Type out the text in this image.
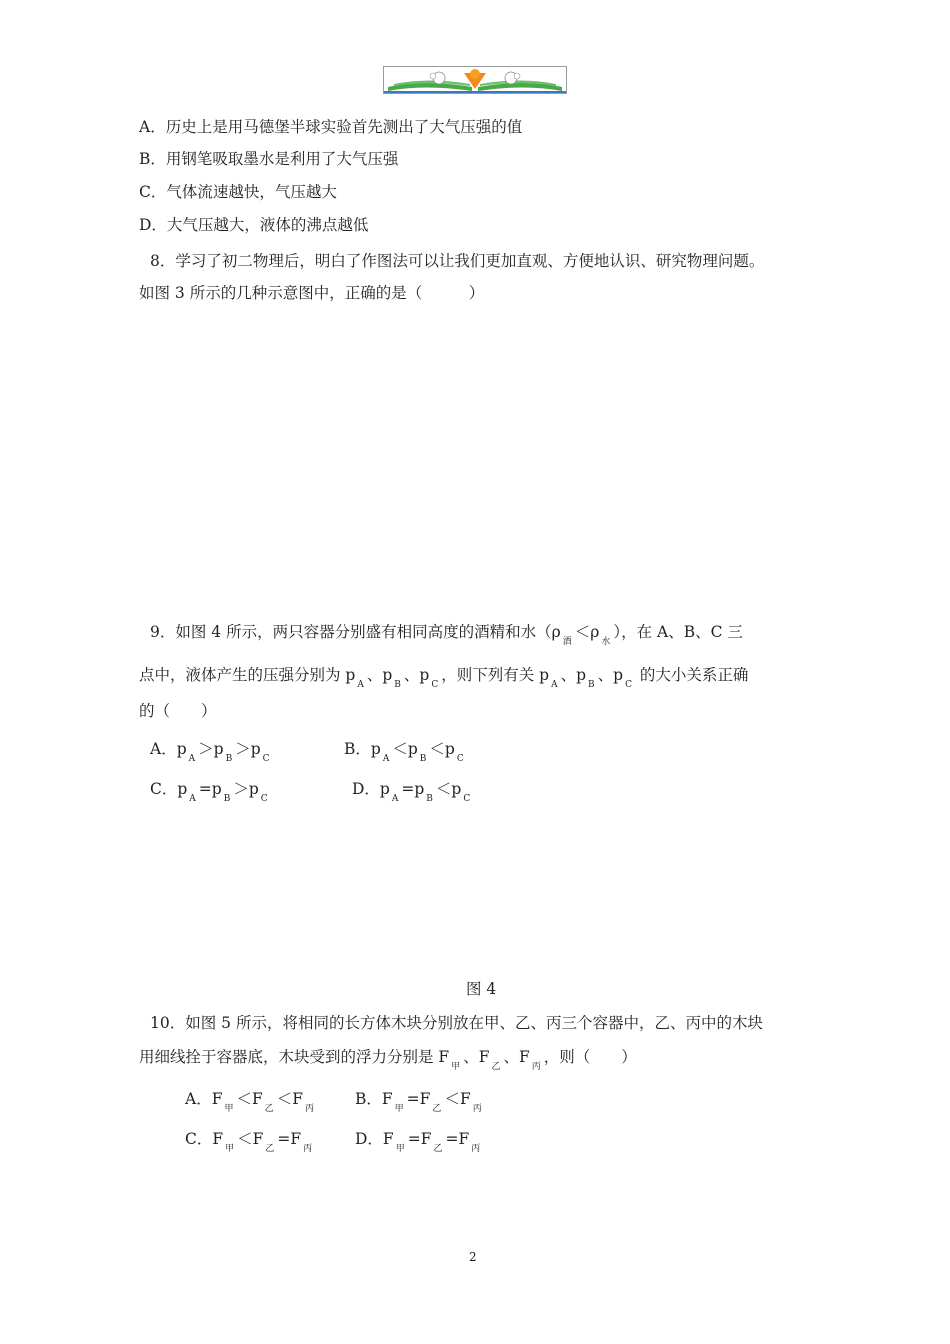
A．历史上是用马德堡半球实验首先测出了大气压强的值
B．用钢笔吸取墨水是利用了大气压强
C．气体流速越快，气压越大
D．大气压越大，液体的沸点越低
8．学习了初二物理后，明白了作图法可以让我们更加直观、方便地认识、研究物理问题。
如图 3 所示的几种示意图中，正确的是（　　　）
9．如图 4 所示，两只容器分别盛有相同高度的酒精和水$(\rho_酒<\rho_水)$，在 A、B、C 三
点中，液体产生的压强分别为 $p_A$、$p_B$、$p_C$，则下列有关 $p_A$、$p_B$、$p_C$ 的大小关系正确
的（　　）
A．$p_A>p_B>p_C$
B．$p_A<p_B<p_C$
C．$p_A=p_B>p_C$
D．$p_A=p_B<p_C$
图 4
10．如图 5 所示，将相同的长方体木块分别放在甲、乙、丙三个容器中，乙、丙中的木块
用细线拴于容器底，木块受到的浮力分别是 $F_甲$、$F_乙$、$F_丙$，则（　　）
A．$F_甲<F_乙<F_丙$
B．$F_甲=F_乙<F_丙$
C．$F_甲<F_乙=F_丙$
D．$F_甲=F_乙=F_丙$
2
